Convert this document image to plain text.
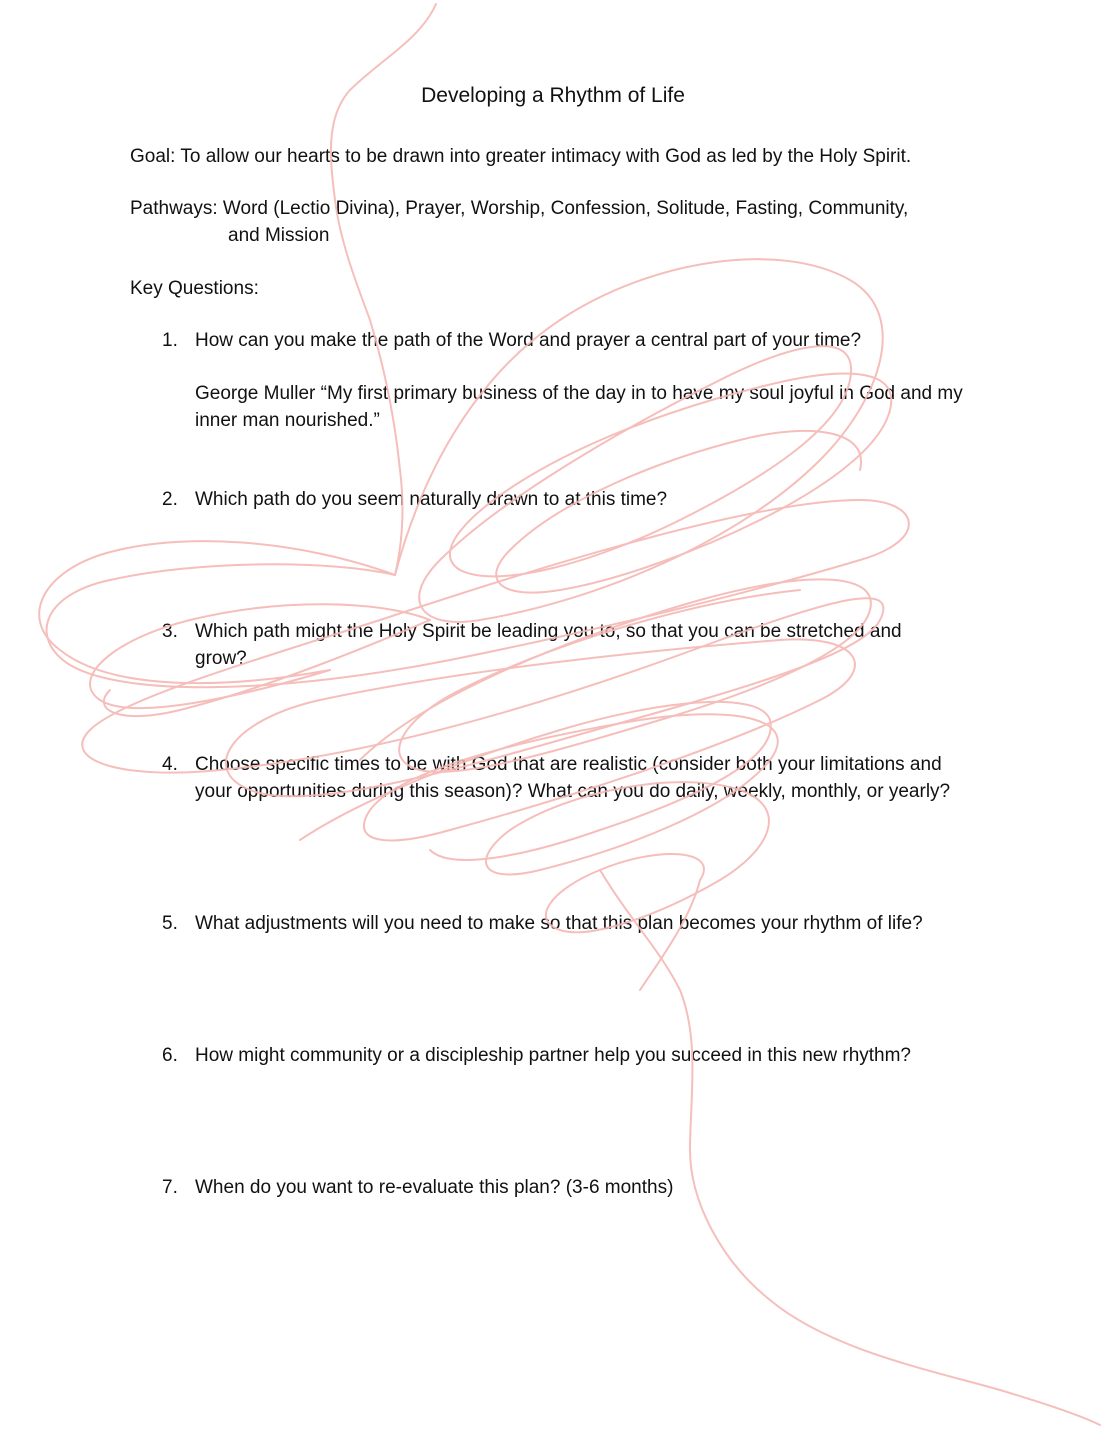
Developing a Rhythm of Life
Goal: To allow our hearts to be drawn into greater intimacy with God as led by the Holy Spirit.
Pathways: Word (Lectio Divina), Prayer, Worship, Confession, Solitude, Fasting, Community,
and Mission
Key Questions:
1. How can you make the path of the Word and prayer a central part of your time?
George Muller “My first primary business of the day in to have my soul joyful in God and my inner man nourished.”
2. Which path do you seem naturally drawn to at this time?
3. Which path might the Holy Spirit be leading you to, so that you can be stretched and grow?
4. Choose specific times to be with God that are realistic (consider both your limitations and your opportunities during this season)? What can you do daily, weekly, monthly, or yearly?
5. What adjustments will you need to make so that this plan becomes your rhythm of life?
6. How might community or a discipleship partner help you succeed in this new rhythm?
7. When do you want to re-evaluate this plan? (3-6 months)
